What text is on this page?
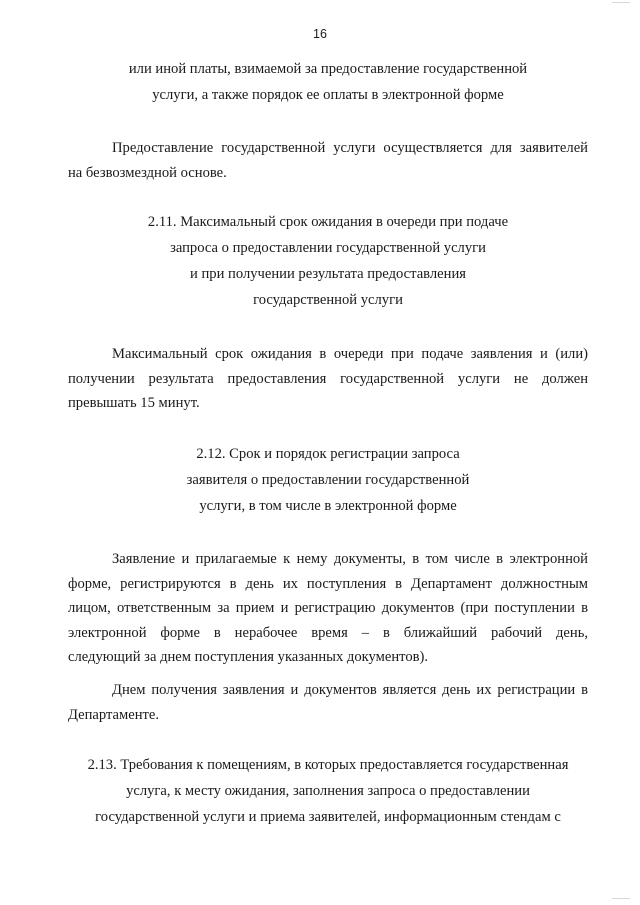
16
или иной платы, взимаемой за предоставление государственной
услуги, а также порядок ее оплаты в электронной форме
Предоставление государственной услуги осуществляется для заявителей
на безвозмездной основе.
2.11. Максимальный срок ожидания в очереди при подаче
запроса о предоставлении государственной услуги
и при получении результата предоставления
государственной услуги
Максимальный срок ожидания в очереди при подаче заявления и (или)
получении результата предоставления государственной услуги не должен
превышать 15 минут.
2.12. Срок и порядок регистрации запроса
заявителя о предоставлении государственной
услуги, в том числе в электронной форме
Заявление и прилагаемые к нему документы, в том числе в электронной
форме, регистрируются в день их поступления в Департамент должностным
лицом, ответственным за прием и регистрацию документов (при поступлении в
электронной форме в нерабочее время – в ближайший рабочий день,
следующий за днем поступления указанных документов).
Днем получения заявления и документов является день их регистрации в
Департаменте.
2.13. Требования к помещениям, в которых предоставляется государственная
услуга, к месту ожидания, заполнения запроса о предоставлении
государственной услуги и приема заявителей, информационным стендам с
